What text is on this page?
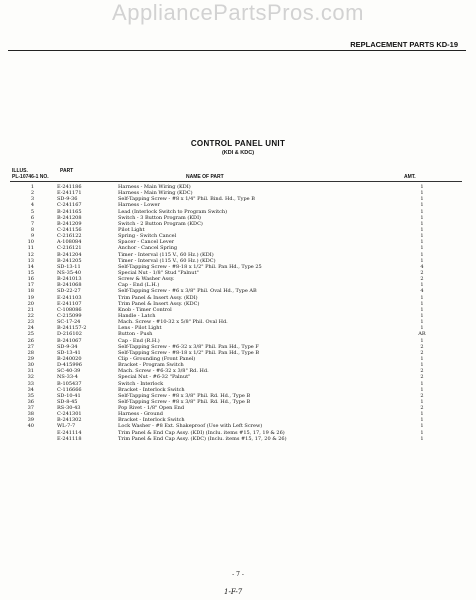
AppliancePartsPros.com
REPLACEMENT PARTS KD-19
CONTROL PANEL UNIT
(KDI & KDC)
ILLUS.	PART
PL-10746-1 NO.	NAME OF PART	AMT.
1	E-241186	Harness - Main Wiring (KDI)	1
2	E-241171	Harness - Main Wiring (KDC)	1
3	SD-9-36	Self-Tapping Screw - #8 x 1/4" Phil. Bind. Hd., Type B	1
4	C-241167	Harness - Lower	1
5	B-241165	Lead (Interlock Switch to Program Switch)	1
6	B-241208	Switch - 3 Button Program (KDI)	1
7	B-241209	Switch - 2 Button Program (KDC)	1
8	C-241156	Pilot Light	1
9	C-216122	Spring - Switch Cancel	1
10	A-108084	Spacer - Cancel Lever	1
11	C-216121	Anchor - Cancel Spring	1
12	B-241204	Timer - Interval (115 V., 60 Hz.) (KDI)	1
13	B-241205	Timer - Interval (115 V., 60 Hz.) (KDC)	1
14	SD-13-11	Self-Tapping Screw - #8-18 x 1/2" Phil. Pan Hd., Type 25	4
15	NS-35-40	Special Nut - 1/8" Stud "Palnut"	2
16	B-241013	Screw & Washer Assy.	2
17	B-241068	Cap - End (L.H.)	1
18	SD-22-27	Self-Tapping Screw - #6 x 3/8" Phil. Oval Hd., Type AB	4
19	E-241103	Trim Panel & Insert Assy. (KDI)	1
20	E-241107	Trim Panel & Insert Assy. (KDC)	1
21	C-108086	Knob - Timer Control	1
22	C-215099	Handle - Latch	1
23	SC-17-24	Mach. Screw - #10-32 x 5/8" Phil. Oval Hd.	1
24	B-241157-2	Lens - Pilot Light	1
25	D-216102	Button - Push	AR
26	B-241067	Cap - End (R.H.)	1
27	SD-9-34	Self-Tapping Screw - #6-32 x 3/8" Phil. Pan Hd., Type F	2
28	SD-13-41	Self-Tapping Screw - #8-18 x 1/2" Phil. Pan Hd., Type B	2
29	B-240020	Clip - Grounding (Front Panel)	1
30	D-415996	Bracket - Program Switch	1
31	SC-40-39	Mach. Screw - #6-32 x 3/8" Rd. Hd.	2
32	NS-33-4	Special Nut - #6-32 "Palnut"	2
33	B-105437	Switch - Interlock	1
34	C-116666	Bracket - Interlock Switch	1
35	SD-10-41	Self-Tapping Screw - #8 x 3/8" Phil. Rd. Hd., Type B	2
36	SD-8-45	Self-Tapping Screw - #8 x 3/8" Phil. Rd. Hd., Type B	1
37	RS-30-43	Pop Rivet - 1/8" Open End	2
38	C-241301	Harness - Ground	1
39	B-241302	Bracket - Interlock Switch	1
40	WL-7-7	Lock Washer - #8 Ext. Shakeproof (Use with Left Screw)	1
E-241114	Trim Panel & End Cap Assy. (KDI) (Inclu. items #15, 17, 19 & 26)	1
E-241118	Trim Panel & End Cap Assy. (KDC) (Inclu. items #15, 17, 20 & 26)	1
- 7 -
1-F-7
